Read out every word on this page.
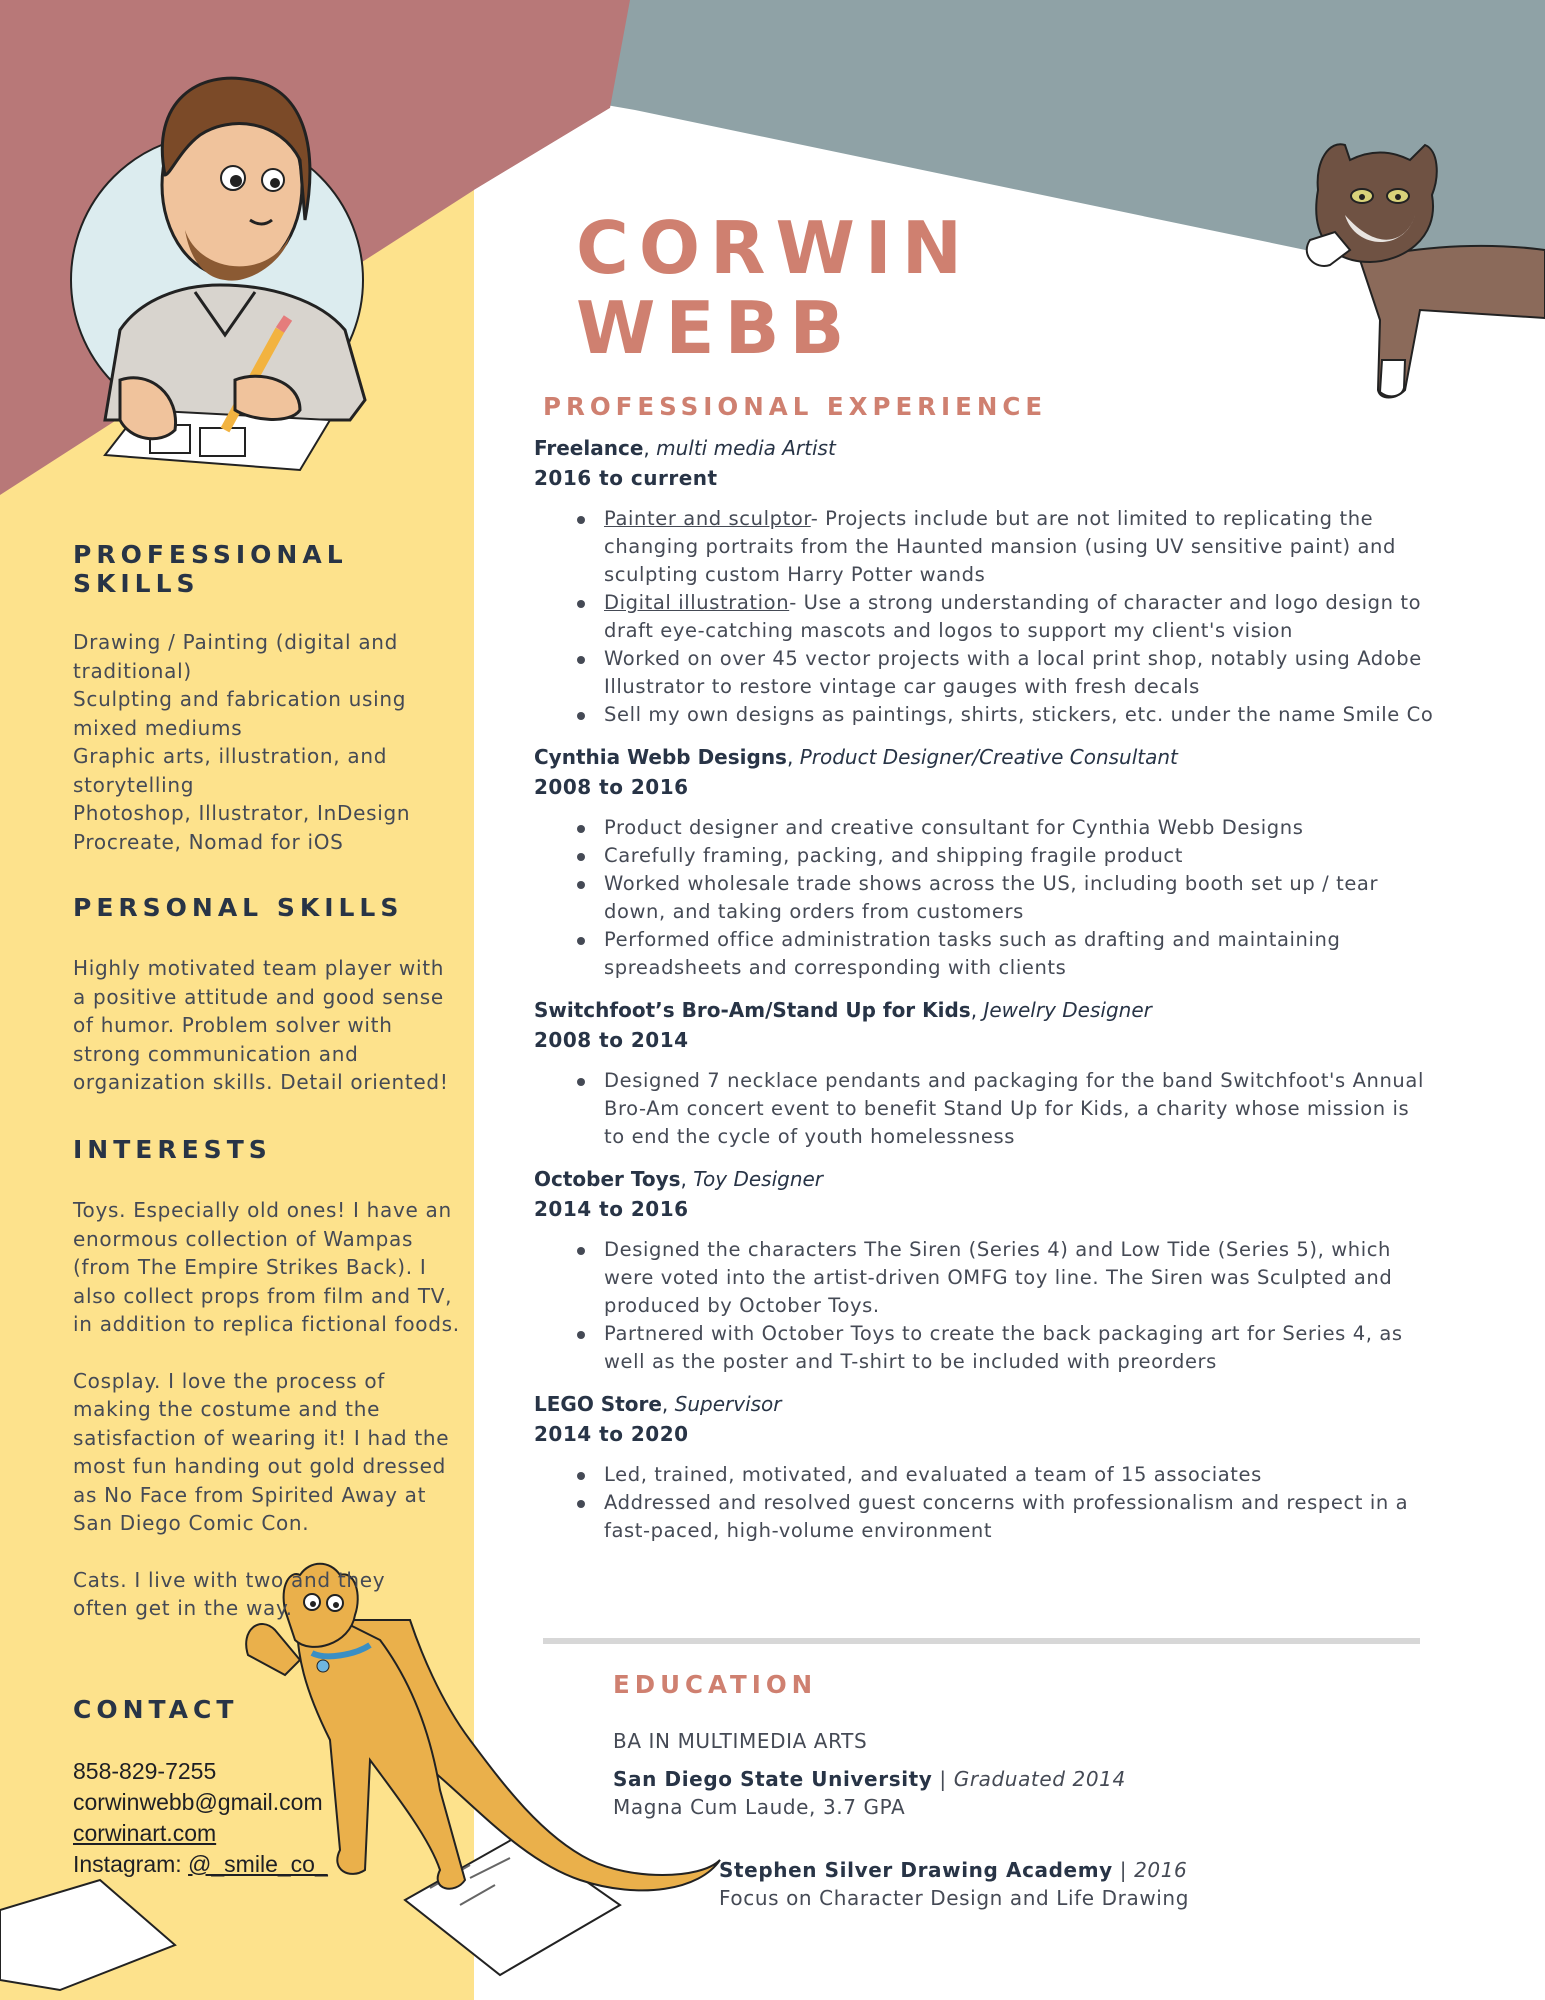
CORWIN
WEBB
PROFESSIONAL
SKILLS

Drawing / Painting (digital and traditional)

Sculpting and fabrication using mixed mediums

Graphic arts, illustration, and storytelling

Photoshop, Illustrator, InDesign

Procreate, Nomad for iOS

PERSONAL SKILLS

Highly motivated team player with a positive attitude and good sense of humor. Problem solver with strong communication and organization skills. Detail oriented!

INTERESTS

Toys. Especially old ones! I have an enormous collection of Wampas (from The Empire Strikes Back). I also collect props from film and TV, in addition to replica fictional foods.

Cosplay. I love the process of making the costume and the satisfaction of wearing it! I had the most fun handing out gold dressed as No Face from Spirited Away at San Diego Comic Con.

Cats. I live with two and they often get in the way.

CONTACT
858-829-7255
corwinwebb@gmail.com
corwinart.com
Instagram: @_smile_co_
PROFESSIONAL EXPERIENCE
Freelance, multi media Artist
2016 to current
Painter and sculptor- Projects include but are not limited to replicating the changing portraits from the Haunted mansion (using UV sensitive paint) and sculpting custom Harry Potter wands
Digital illustration- Use a strong understanding of character and logo design to draft eye-catching mascots and logos to support my client's vision
Worked on over 45 vector projects with a local print shop, notably using Adobe Illustrator to restore vintage car gauges with fresh decals
Sell my own designs as paintings, shirts, stickers, etc. under the name Smile Co
Cynthia Webb Designs, Product Designer/Creative Consultant
2008 to 2016
Product designer and creative consultant for Cynthia Webb Designs
Carefully framing, packing, and shipping fragile product
Worked wholesale trade shows across the US, including booth set up / tear down, and taking orders from customers
Performed office administration tasks such as drafting and maintaining spreadsheets and corresponding with clients
Switchfoot’s Bro-Am/Stand Up for Kids, Jewelry Designer
2008 to 2014
Designed 7 necklace pendants and packaging for the band Switchfoot's Annual Bro-Am concert event to benefit Stand Up for Kids, a charity whose mission is to end the cycle of youth homelessness
October Toys, Toy Designer
2014 to 2016
Designed the characters The Siren (Series 4) and Low Tide (Series 5), which were voted into the artist-driven OMFG toy line. The Siren was Sculpted and produced by October Toys.
Partnered with October Toys to create the back packaging art for Series 4, as well as the poster and T-shirt to be included with preorders
LEGO Store, Supervisor
2014 to 2020
Led, trained, motivated, and evaluated a team of 15 associates
Addressed and resolved guest concerns with professionalism and respect in a fast-paced, high-volume environment
EDUCATION
BA IN MULTIMEDIA ARTS
San Diego State University | Graduated 2014
Magna Cum Laude, 3.7 GPA
Stephen Silver Drawing Academy | 2016
Focus on Character Design and Life Drawing
